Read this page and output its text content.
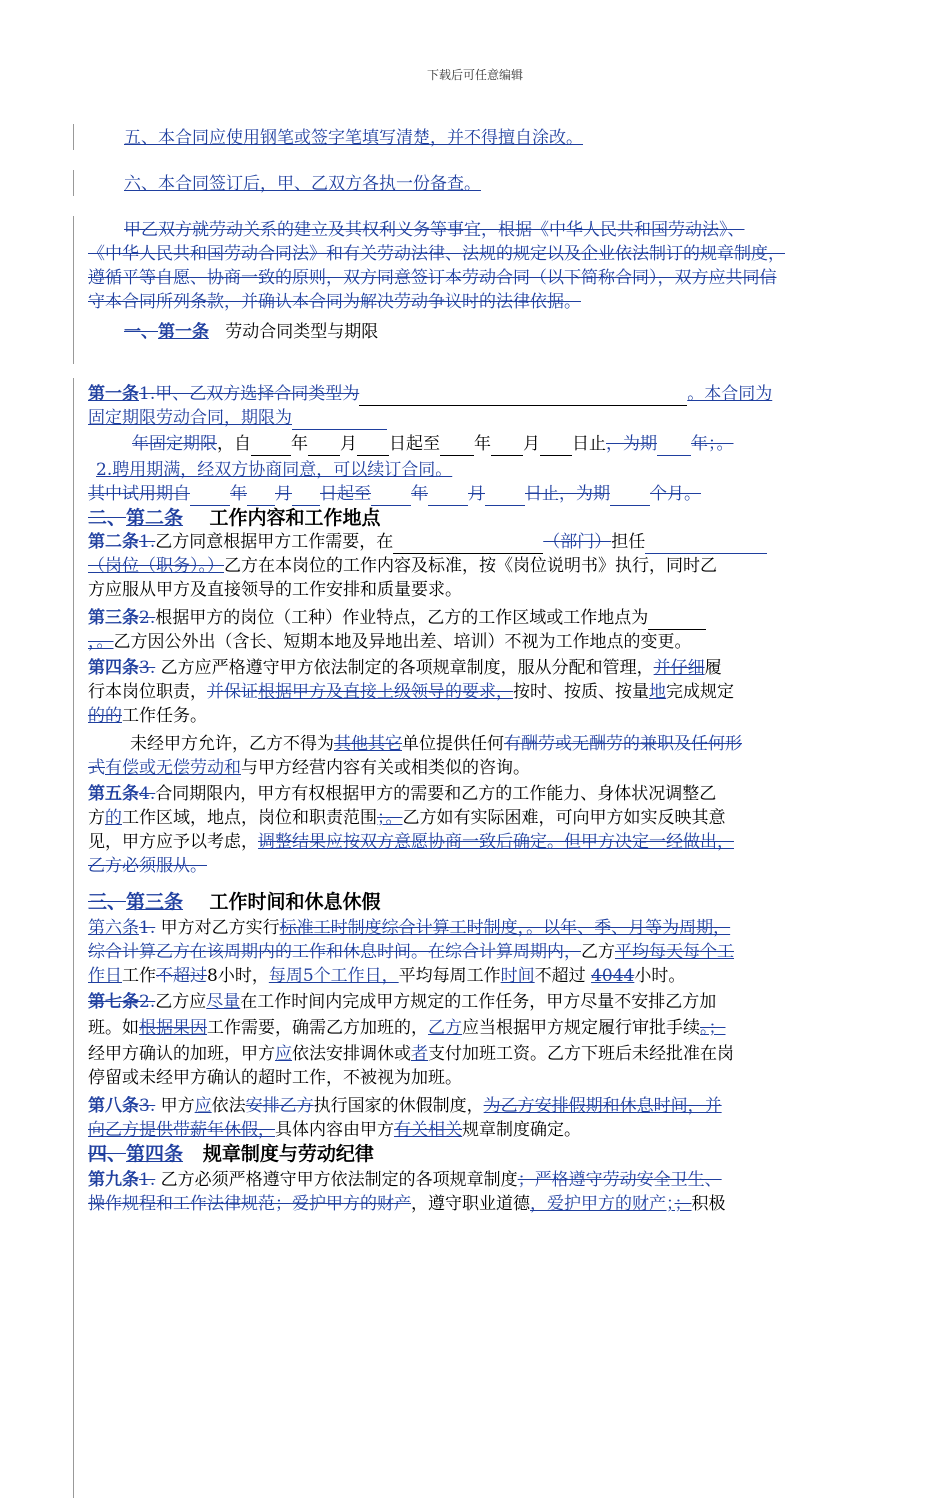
下载后可任意编辑
五、本合同应使用钢笔或签字笔填写清楚，并不得擅自涂改。
六、本合同签订后，甲、乙双方各执一份备查。
甲乙双方就劳动关系的建立及其权利义务等事宜，根据《中华人民共和国劳动法》、
《中华人民共和国劳动合同法》和有关劳动法律、法规的规定以及企业依法制订的规章制度，
遵循平等自愿、协商一致的原则，双方同意签订本劳动合同（以下简称合同），双方应共同信
守本合同所列条款，并确认本合同为解决劳动争议时的法律依据。
一、第一条 劳动合同类型与期限
第一条1.甲、乙双方选择合同类型为	。本合同为
固定期限劳动合同，期限为
年固定期限，自 年 月 日起至 年 月 日止，为期 年；。
2.聘用期满，经双方协商同意，可以续订合同。
其中试用期自 年 月 日起至 年 月 日止，为期 个月。
二、第二条 工作内容和工作地点
第二条1.乙方同意根据甲方工作需要，在	（部门）担任
（岗位（职务）。）乙方在本岗位的工作内容及标准，按《岗位说明书》执行，同时乙
方应服从甲方及直接领导的工作安排和质量要求。
第三条2.根据甲方的岗位（工种）作业特点，乙方的工作区域或工作地点为
，。乙方因公外出（含长、短期本地及异地出差、培训）不视为工作地点的变更。
第四条3. 乙方应严格遵守甲方依法制定的各项规章制度，服从分配和管理，并仔细履
行本岗位职责，并保证根据甲方及直接上级领导的要求，按时、按质、按量地完成规定
的的工作任务。
未经甲方允许，乙方不得为其他其它单位提供任何有酬劳或无酬劳的兼职及任何形
式有偿或无偿劳动和与甲方经营内容有关或相类似的咨询。
第五条4.合同期限内，甲方有权根据甲方的需要和乙方的工作能力、身体状况调整乙
方的工作区域，地点，岗位和职责范围；。乙方如有实际困难，可向甲方如实反映其意
见，甲方应予以考虑，调整结果应按双方意愿协商一致后确定。但甲方决定一经做出，
乙方必须服从。
三、第三条 工作时间和休息休假
第六条1. 甲方对乙方实行标准工时制度综合计算工时制度，。以年、季、月等为周期，
综合计算乙方在该周期内的工作和休息时间。在综合计算周期内，乙方平均每天每个工
作日工作不超过8小时，每周5个工作日，平均每周工作时间不超过 4044小时。
第七条2.乙方应尽量在工作时间内完成甲方规定的工作任务，甲方尽量不安排乙方加
班。如根据果因工作需要，确需乙方加班的，乙方应当根据甲方规定履行审批手续。；
经甲方确认的加班，甲方应依法安排调休或者支付加班工资。乙方下班后未经批准在岗
停留或未经甲方确认的超时工作，不被视为加班。
第八条3. 甲方应依法安排乙方执行国家的休假制度，为乙方安排假期和休息时间，并
向乙方提供带薪年休假，具体内容由甲方有关相关规章制度确定。
四、第四条 规章制度与劳动纪律
第九条1. 乙方必须严格遵守甲方依法制定的各项规章制度；严格遵守劳动安全卫生、
操作规程和工作法律规范；爱护甲方的财产，遵守职业道德，爱护甲方的财产；；积极
